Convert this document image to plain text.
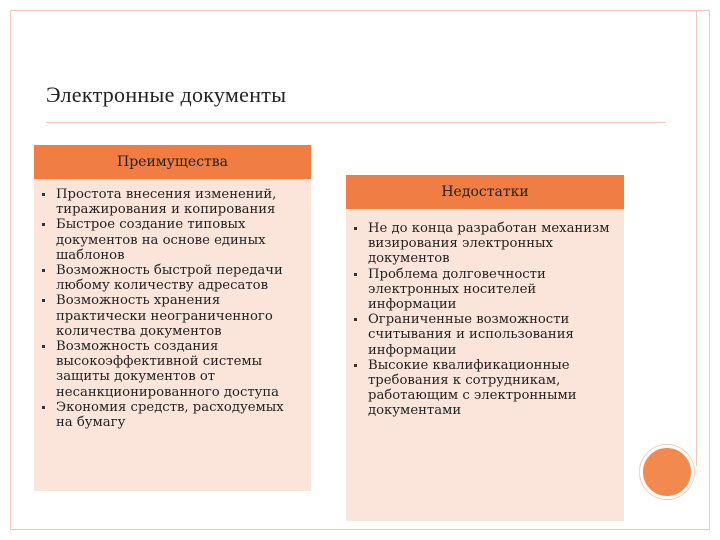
Электронные документы
Преимущества
Простота внесения изменений, тиражирования и копирования
Быстрое создание типовых документов на основе единых шаблонов
Возможность быстрой передачи любому количеству адресатов
Возможность хранения практически неограниченного количества документов
Возможность создания высокоэффективной системы защиты документов от несанкционированного доступа
Экономия средств, расходуемых на бумагу
Недостатки
Не до конца разработан механизм визирования электронных документов
Проблема долговечности электронных носителей информации
Ограниченные возможности считывания и использования информации
Высокие квалификационные требования к сотрудникам, работающим с электронными документами
